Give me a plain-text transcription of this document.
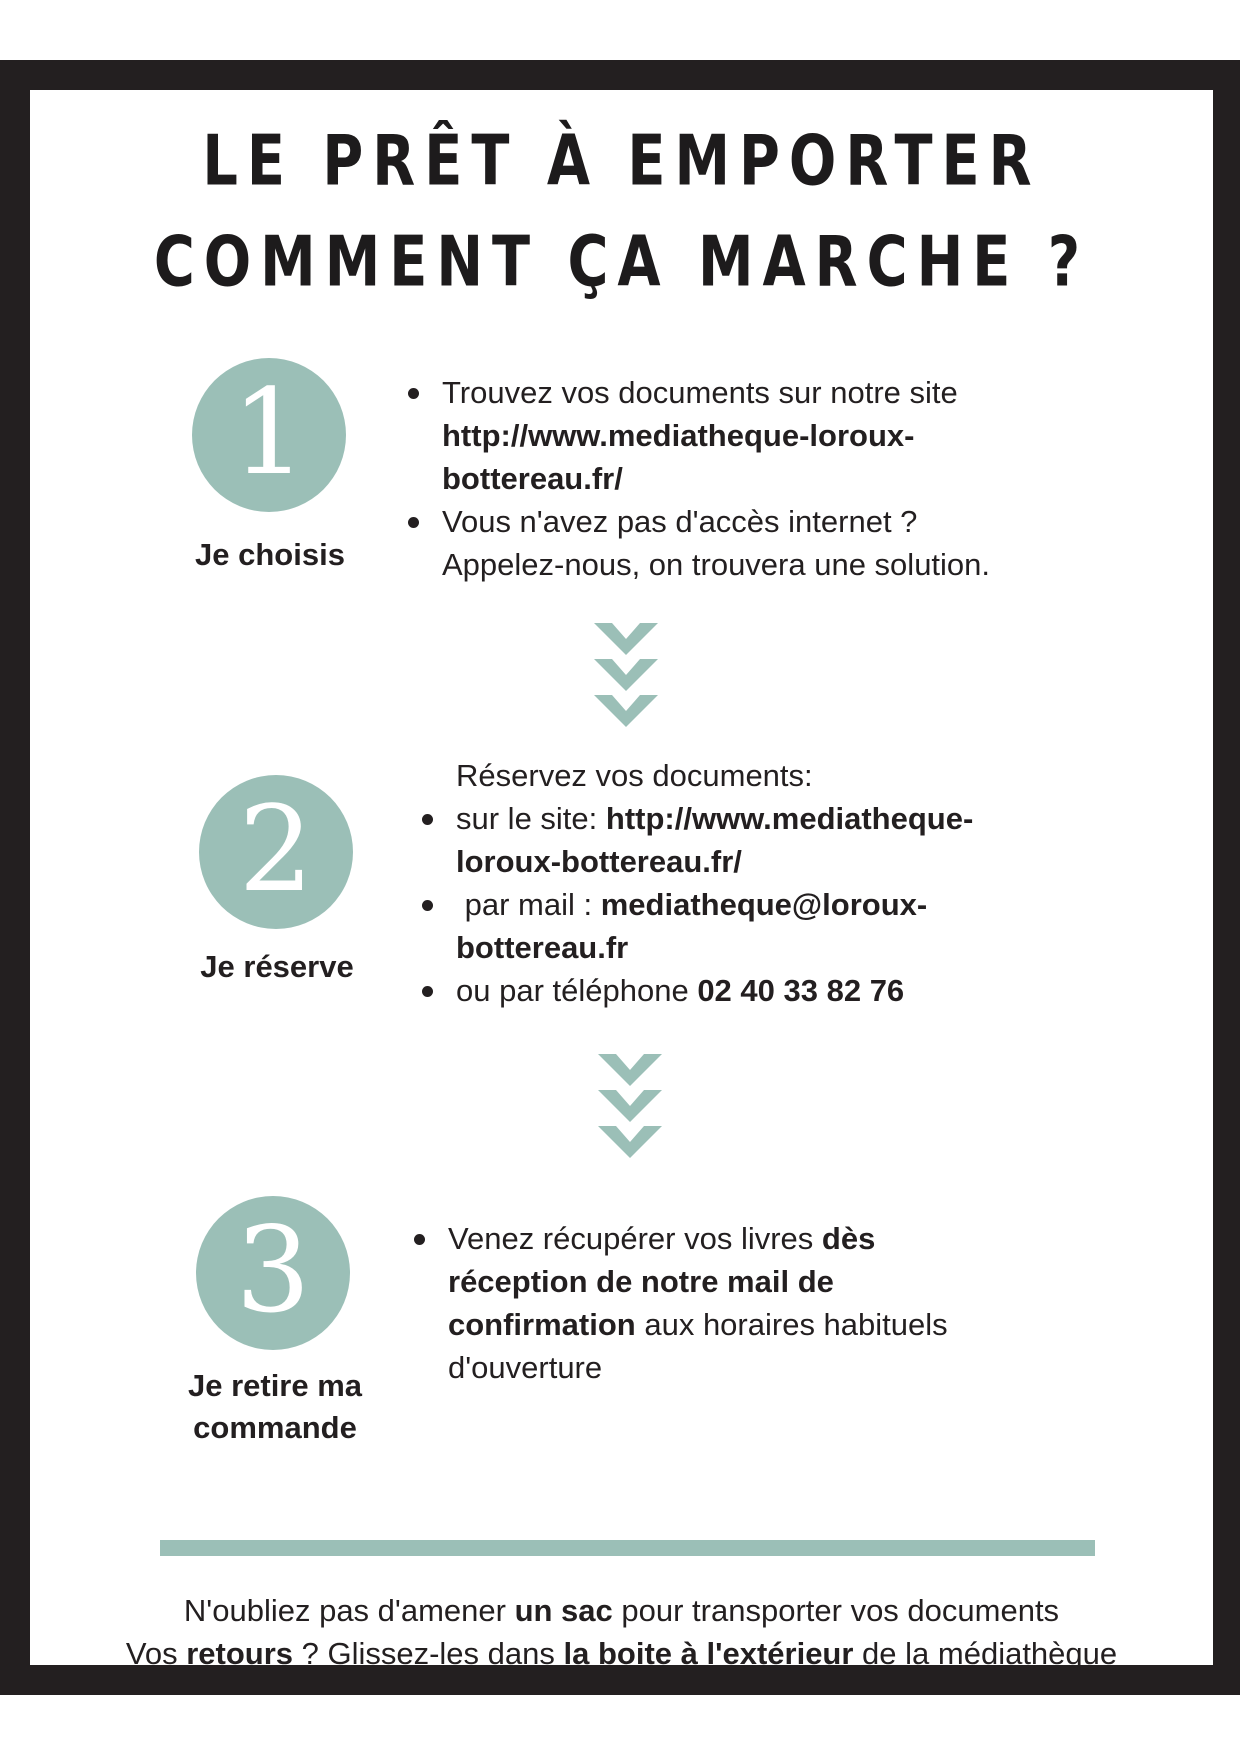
LE PRÊT À EMPORTER
COMMENT ÇA MARCHE ?
1
Je choisis
Trouvez vos documents sur notre site
http://www.mediatheque-loroux-
bottereau.fr/
Vous n'avez pas d'accès internet ?
Appelez-nous, on trouvera une solution.
2
Je réserve
Réservez vos documents:
sur le site: http://www.mediatheque-
loroux-bottereau.fr/
par mail : mediatheque@loroux-
bottereau.fr
ou par téléphone 02 40 33 82 76
3
Je retire ma
commande
Venez récupérer vos livres dès
réception de notre mail de
confirmation aux horaires habituels
d'ouverture
N'oubliez pas d'amener un sac pour transporter vos documents
Vos retours ? Glissez-les dans la boite à l'extérieur de la médiathèque
